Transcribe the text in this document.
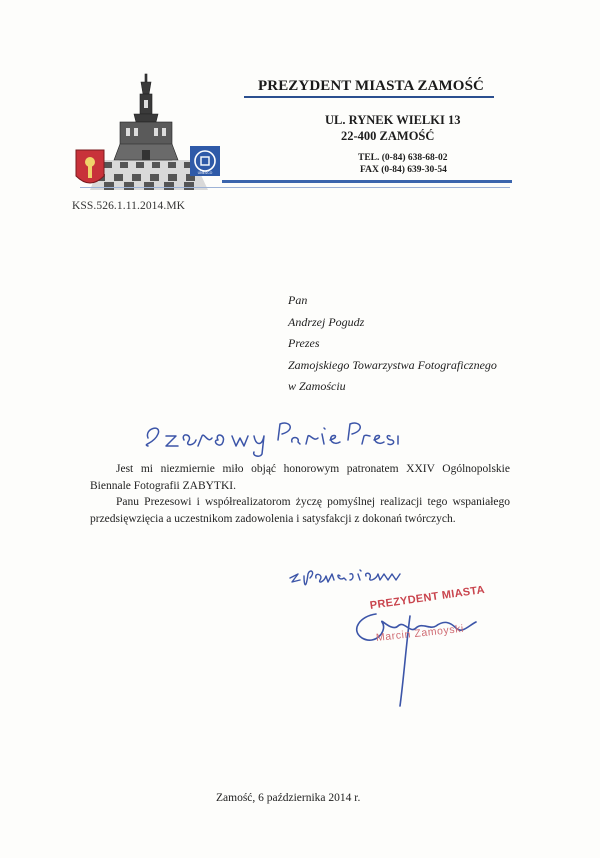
UNESCO
PREZYDENT MIASTA ZAMOŚĆ
UL. RYNEK WIELKI 13
22-400 ZAMOŚĆ
TEL. (0-84) 638-68-02
FAX (0-84) 639-30-54
KSS.526.1.11.2014.MK
Pan
Andrzej Pogudz
Prezes
Zamojskiego Towarzystwa Fotograficznego
w Zamościu
Szanowny Panie Prezesie

Jest mi niezmiernie miło objąć honorowym patronatem XXIV Ogólnopolskie Biennale Fotografii ZABYTKI.

Panu Prezesowi i współrealizatorom życzę pomyślnej realizacji tego wspaniałego przedsięwzięcia a uczestnikom zadowolenia i satysfakcji z dokonań twórczych.

z poważaniem
PREZYDENT MIASTA
Marcin Zamoyski
Zamość, 6 października 2014 r.
